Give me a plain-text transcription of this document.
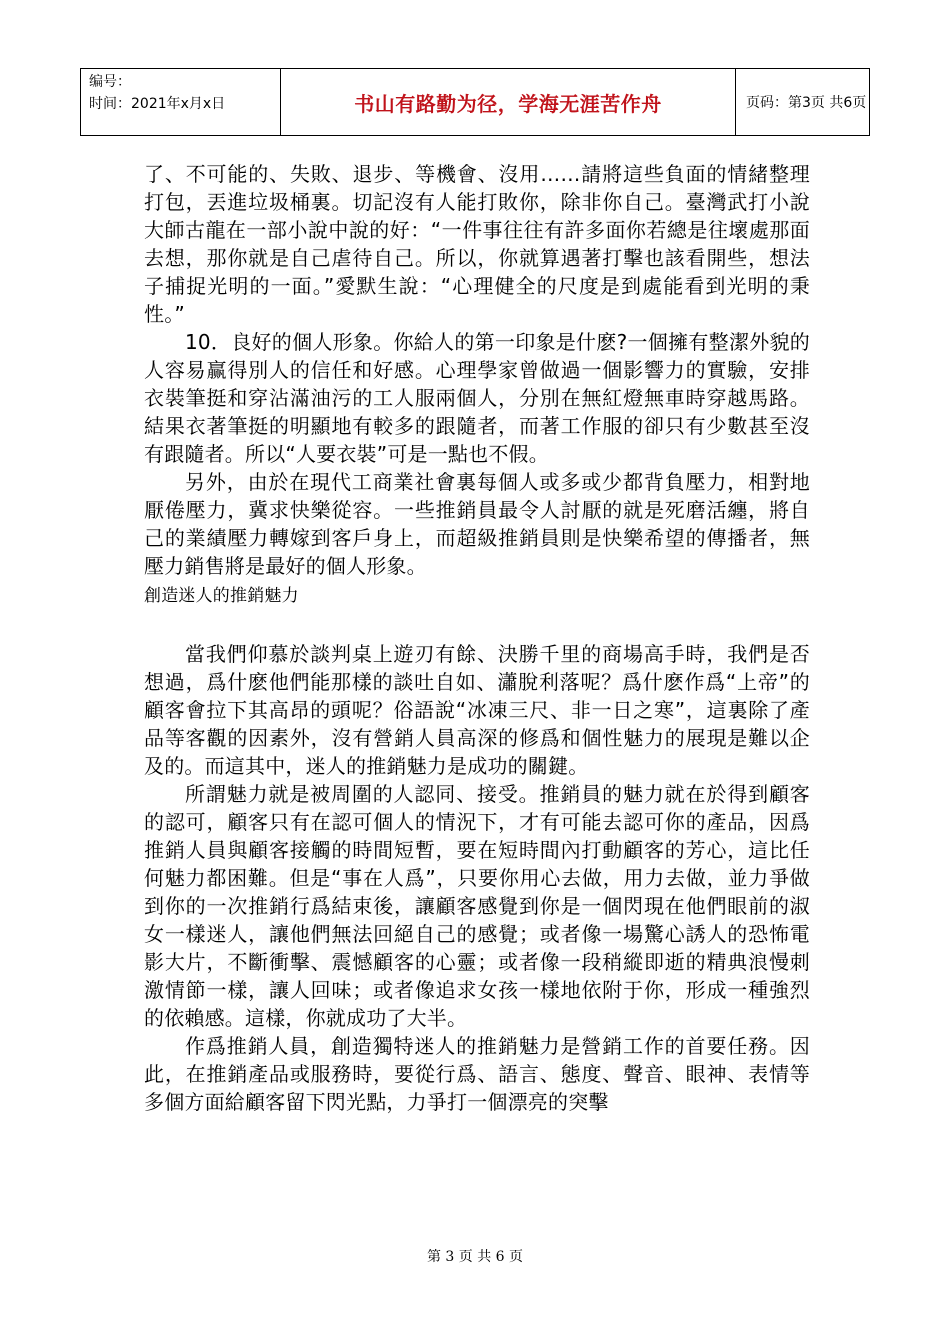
编号：
时间：2021年x月x日	书山有路勤为径，学海无涯苦作舟	页码：第3页 共6页

了、不可能的、失敗、退步、等機會、沒用……請將這些負面的情緒整理打包，丟進垃圾桶裏。切記沒有人能打敗你，除非你自己。臺灣武打小說大師古龍在一部小說中說的好：“一件事往往有許多面你若總是往壞處那面去想，那你就是自己虐待自己。所以，你就算遇著打擊也該看開些，想法子捕捉光明的一面。”愛默生說：“心理健全的尺度是到處能看到光明的秉性。”

10．良好的個人形象。你給人的第一印象是什麽?一個擁有整潔外貌的人容易赢得別人的信任和好感。心理學家曾做過一個影響力的實驗，安排衣裝筆挺和穿沾滿油污的工人服兩個人，分別在無紅燈無車時穿越馬路。結果衣著筆挺的明顯地有較多的跟隨者，而著工作服的卻只有少數甚至沒有跟隨者。所以“人要衣裝”可是一點也不假。

另外，由於在現代工商業社會裏每個人或多或少都背負壓力，相對地厭倦壓力，冀求快樂從容。一些推銷員最令人討厭的就是死磨活纏，將自己的業績壓力轉嫁到客戶身上，而超級推銷員則是快樂希望的傳播者，無壓力銷售將是最好的個人形象。

創造迷人的推銷魅力

當我們仰慕於談判桌上遊刃有餘、決勝千里的商場高手時，我們是否想過，爲什麽他們能那樣的談吐自如、瀟脫利落呢？爲什麽作爲“上帝”的顧客會拉下其高昂的頭呢？俗語說“冰凍三尺、非一日之寒”，這裏除了產品等客觀的因素外，沒有營銷人員高深的修爲和個性魅力的展現是難以企及的。而這其中，迷人的推銷魅力是成功的關鍵。

所謂魅力就是被周圍的人認同、接受。推銷員的魅力就在於得到顧客的認可，顧客只有在認可個人的情況下，才有可能去認可你的產品，因爲推銷人員與顧客接觸的時間短暫，要在短時間內打動顧客的芳心，這比任何魅力都困難。但是“事在人爲”，只要你用心去做，用力去做，並力爭做到你的一次推銷行爲結束後，讓顧客感覺到你是一個閃現在他們眼前的淑女一樣迷人，讓他們無法回絕自己的感覺；或者像一場驚心誘人的恐怖電影大片，不斷衝擊、震憾顧客的心靈；或者像一段稍縱即逝的精典浪慢刺激情節一樣，讓人回味；或者像追求女孩一樣地依附于你，形成一種強烈的依賴感。這樣，你就成功了大半。

作爲推銷人員，創造獨特迷人的推銷魅力是營銷工作的首要任務。因此，在推銷產品或服務時，要從行爲、語言、態度、聲音、眼神、表情等多個方面給顧客留下閃光點，力爭打一個漂亮的突擊

第 3 页 共 6 页
